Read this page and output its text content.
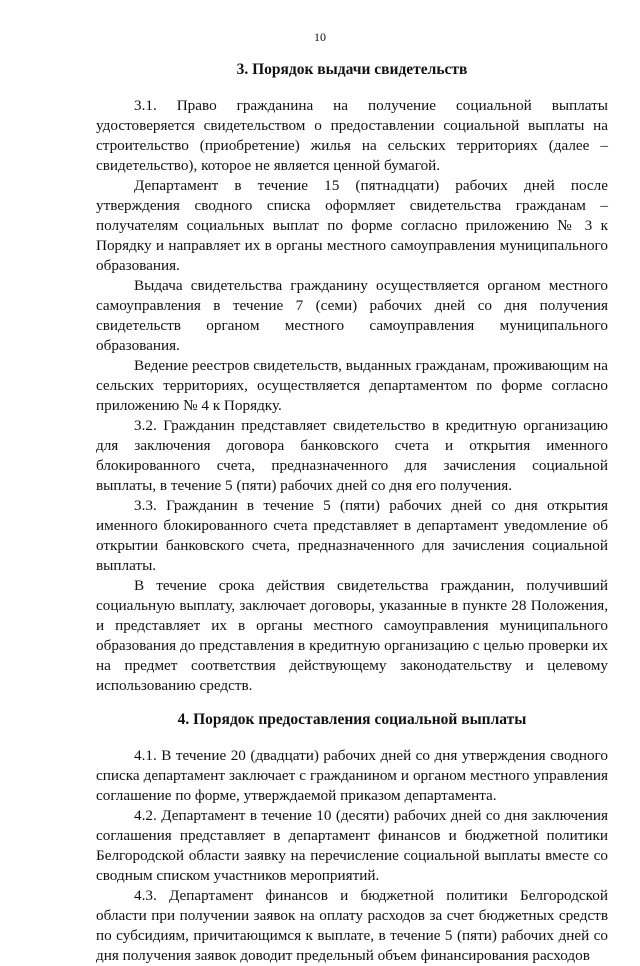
10

3. Порядок выдачи свидетельств

3.1. Право гражданина на получение социальной выплаты удостоверяется свидетельством о предоставлении социальной выплаты на строительство (приобретение) жилья на сельских территориях (далее – свидетельство), которое не является ценной бумагой.

Департамент в течение 15 (пятнадцати) рабочих дней после утверждения сводного списка оформляет свидетельства гражданам – получателям социальных выплат по форме согласно приложению № 3 к Порядку и направляет их в органы местного самоуправления муниципального образования.

Выдача свидетельства гражданину осуществляется органом местного самоуправления в течение 7 (семи) рабочих дней со дня получения свидетельств органом местного самоуправления муниципального образования.

Ведение реестров свидетельств, выданных гражданам, проживающим на сельских территориях, осуществляется департаментом по форме согласно приложению № 4 к Порядку.

3.2. Гражданин представляет свидетельство в кредитную организацию для заключения договора банковского счета и открытия именного блокированного счета, предназначенного для зачисления социальной выплаты, в течение 5 (пяти) рабочих дней со дня его получения.

3.3. Гражданин в течение 5 (пяти) рабочих дней со дня открытия именного блокированного счета представляет в департамент уведомление об открытии банковского счета, предназначенного для зачисления социальной выплаты.

В течение срока действия свидетельства гражданин, получивший социальную выплату, заключает договоры, указанные в пункте 28 Положения, и представляет их в органы местного самоуправления муниципального образования до представления в кредитную организацию с целью проверки их на предмет соответствия действующему законодательству и целевому использованию средств.

4. Порядок предоставления социальной выплаты

4.1. В течение 20 (двадцати) рабочих дней со дня утверждения сводного списка департамент заключает с гражданином и органом местного управления соглашение по форме, утверждаемой приказом департамента.

4.2. Департамент в течение 10 (десяти) рабочих дней со дня заключения соглашения представляет в департамент финансов и бюджетной политики Белгородской области заявку на перечисление социальной выплаты вместе со сводным списком участников мероприятий.

4.3. Департамент финансов и бюджетной политики Белгородской области при получении заявок на оплату расходов за счет бюджетных средств по субсидиям, причитающимся к выплате, в течение 5 (пяти) рабочих дней со дня получения заявок доводит предельный объем финансирования расходов
